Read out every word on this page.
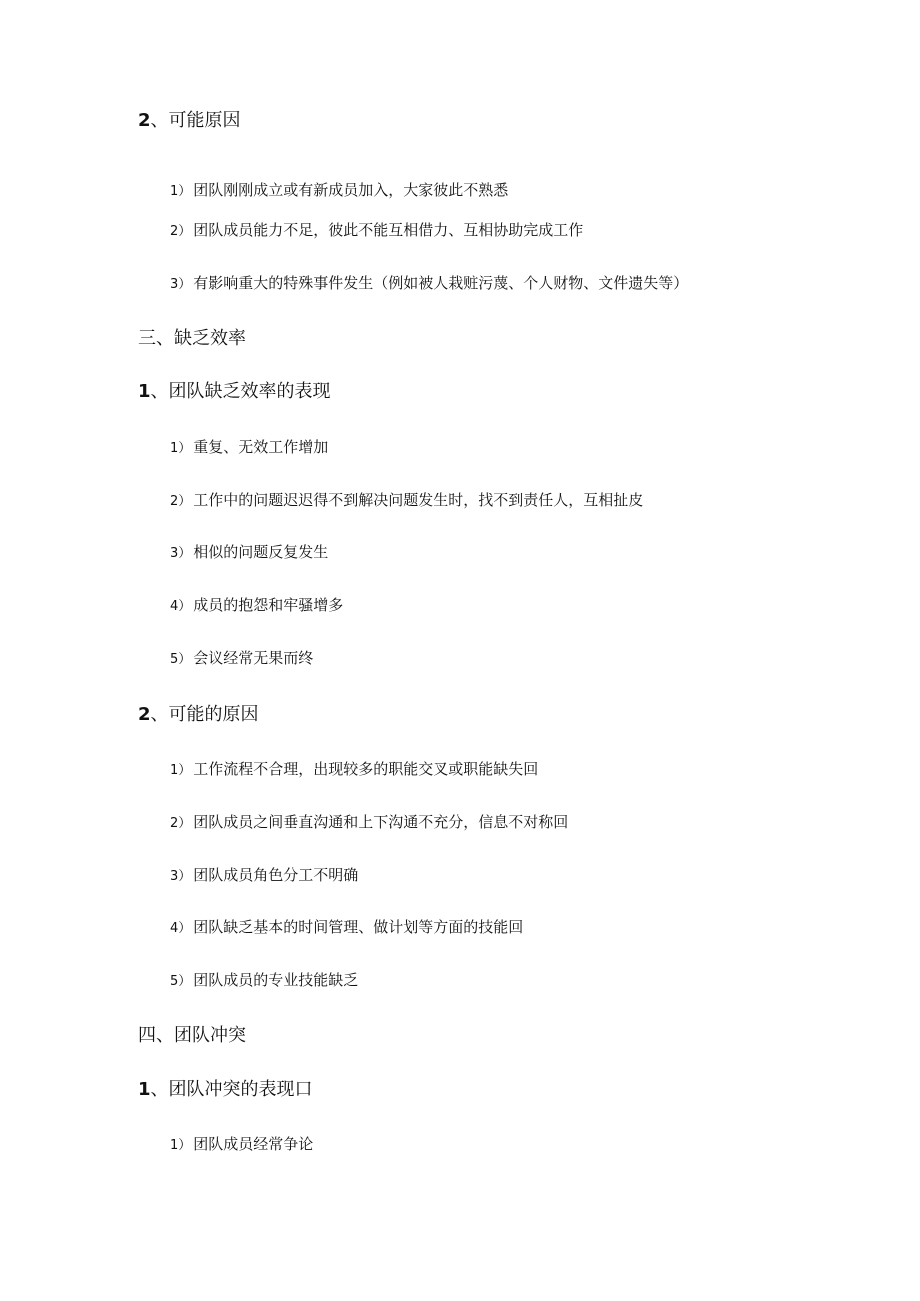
2、可能原因
1） 团队刚刚成立或有新成员加入，大家彼此不熟悉
2） 团队成员能力不足，彼此不能互相借力、互相协助完成工作
3） 有影响重大的特殊事件发生（例如被人栽赃污蔑、个人财物、文件遗失等）
三、缺乏效率
1、团队缺乏效率的表现
1） 重复、无效工作增加
2） 工作中的问题迟迟得不到解决问题发生时，找不到责任人，互相扯皮
3） 相似的问题反复发生
4） 成员的抱怨和牢骚增多
5） 会议经常无果而终
2、可能的原因
1） 工作流程不合理，出现较多的职能交叉或职能缺失回
2） 团队成员之间垂直沟通和上下沟通不充分，信息不对称回
3） 团队成员角色分工不明确
4） 团队缺乏基本的时间管理、做计划等方面的技能回
5） 团队成员的专业技能缺乏
四、团队冲突
1、团队冲突的表现口
1） 团队成员经常争论
